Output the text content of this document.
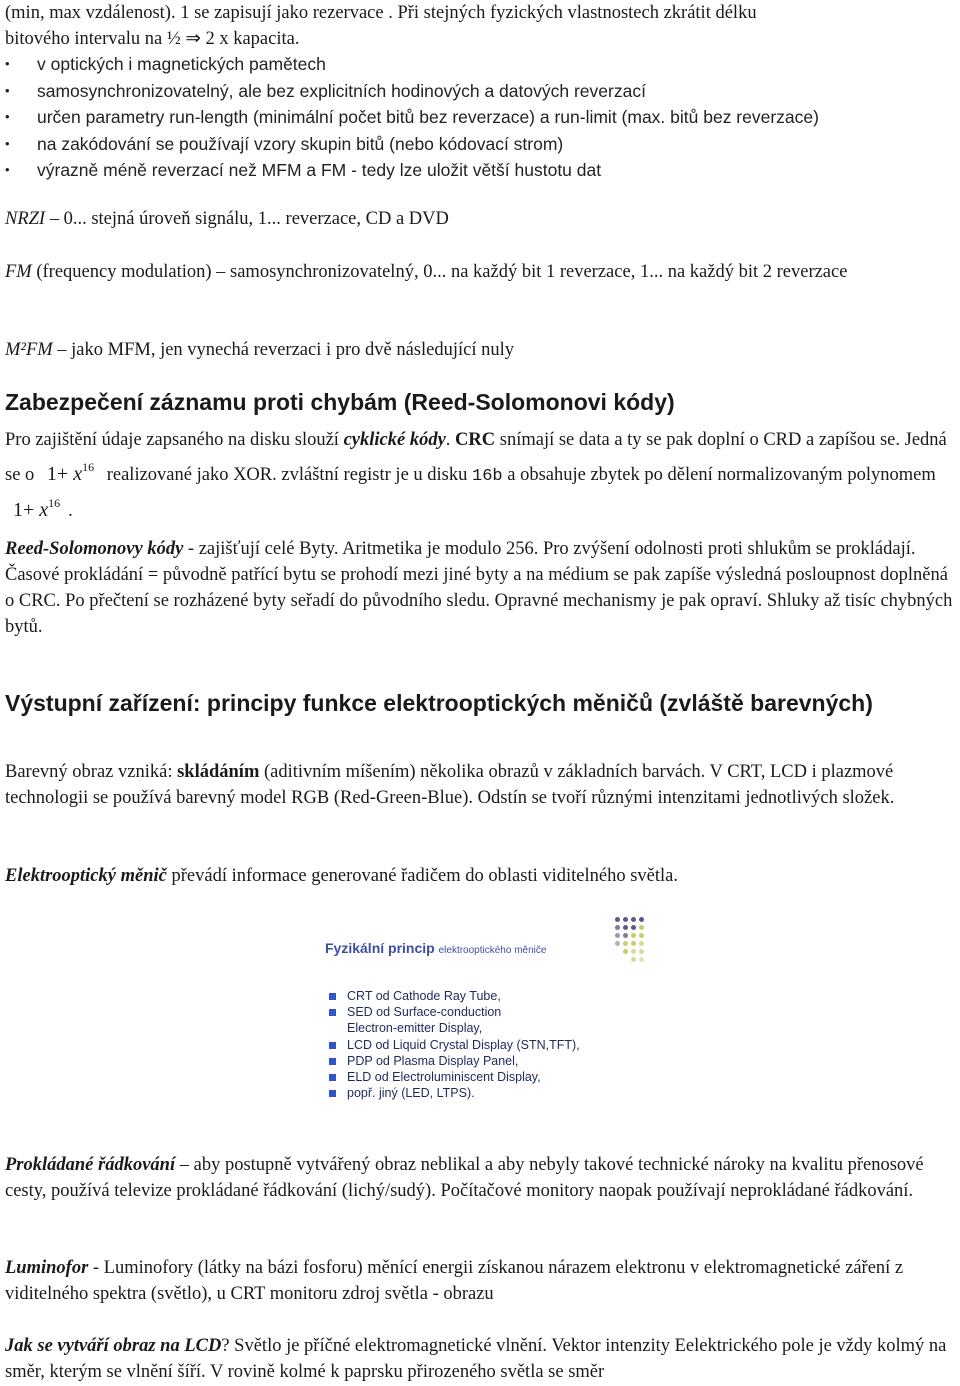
(min, max vzdálenost). 1 se zapisují jako rezervace . Při stejných fyzických vlastnostech zkrátit délku

bitového intervalu na ½ ⇒ 2 x kapacita.

• v optických i magnetických pamětech
• samosynchronizovatelný, ale bez explicitních hodinových a datových reverzací
• určen parametry run-length (minimální počet bitů bez reverzace) a run-limit (max. bitů bez reverzace)
• na zakódování se používají vzory skupin bitů (nebo kódovací strom)
• výrazně méně reverzací než MFM a FM - tedy lze uložit větší hustotu dat

NRZI – 0... stejná úroveň signálu, 1... reverzace, CD a DVD

FM (frequency modulation) – samosynchronizovatelný, 0... na každý bit 1 reverzace, 1... na každý bit 2 reverzace

M²FM – jako MFM, jen vynechá reverzaci i pro dvě následující nuly

Zabezpečení záznamu proti chybám (Reed-Solomonovi kódy)

Pro zajištění údaje zapsaného na disku slouží cyklické kódy. CRC snímají se data a ty se pak doplní o CRD a zapíšou se. Jedná se o $1+ x^{16}$ realizované jako XOR. zvláštní registr je u disku 16b a obsahuje zbytek po dělení normalizovaným polynomem $1+ x^{16}$ .

Reed-Solomonovy kódy - zajišťují celé Byty. Aritmetika je modulo 256. Pro zvýšení odolnosti proti shlukům se prokládají. Časové prokládání = původně patřící bytu se prohodí mezi jiné byty a na médium se pak zapíše výsledná posloupnost doplněná o CRC. Po přečtení se rozházené byty seřadí do původního sledu. Opravné mechanismy je pak opraví. Shluky až tisíc chybných bytů.

Výstupní zařízení: principy funkce elektrooptických měničů (zvláště barevných)

Barevný obraz vzniká: skládáním (aditivním míšením) několika obrazů v základních barvách. V CRT, LCD i plazmové technologii se používá barevný model RGB (Red-Green-Blue). Odstín se tvoří různými intenzitami jednotlivých složek.

Elektrooptický měnič převádí informace generované řadičem do oblasti viditelného světla.

Fyzikální princip elektrooptického měniče
CRT od Cathode Ray Tube,
SED od Surface-conduction Electron-emitter Display,
LCD od Liquid Crystal Display (STN,TFT),
PDP od Plasma Display Panel,
ELD od Electroluminiscent Display,
popř. jiný (LED, LTPS).

Prokládané řádkování – aby postupně vytvářený obraz neblikal a aby nebyly takové technické nároky na kvalitu přenosové cesty, používá televize prokládané řádkování (lichý/sudý). Počítačové monitory naopak používají neprokládané řádkování.

Luminofor - Luminofory (látky na bázi fosforu) měnící energii získanou nárazem elektronu v elektromagnetické záření z viditelného spektra (světlo), u CRT monitoru zdroj světla - obrazu

Jak se vytváří obraz na LCD? Světlo je příčné elektromagnetické vlnění. Vektor intenzity Eelektrického pole je vždy kolmý na směr, kterým se vlnění šíří. V rovině kolmé k paprsku přirozeného světla se směr
